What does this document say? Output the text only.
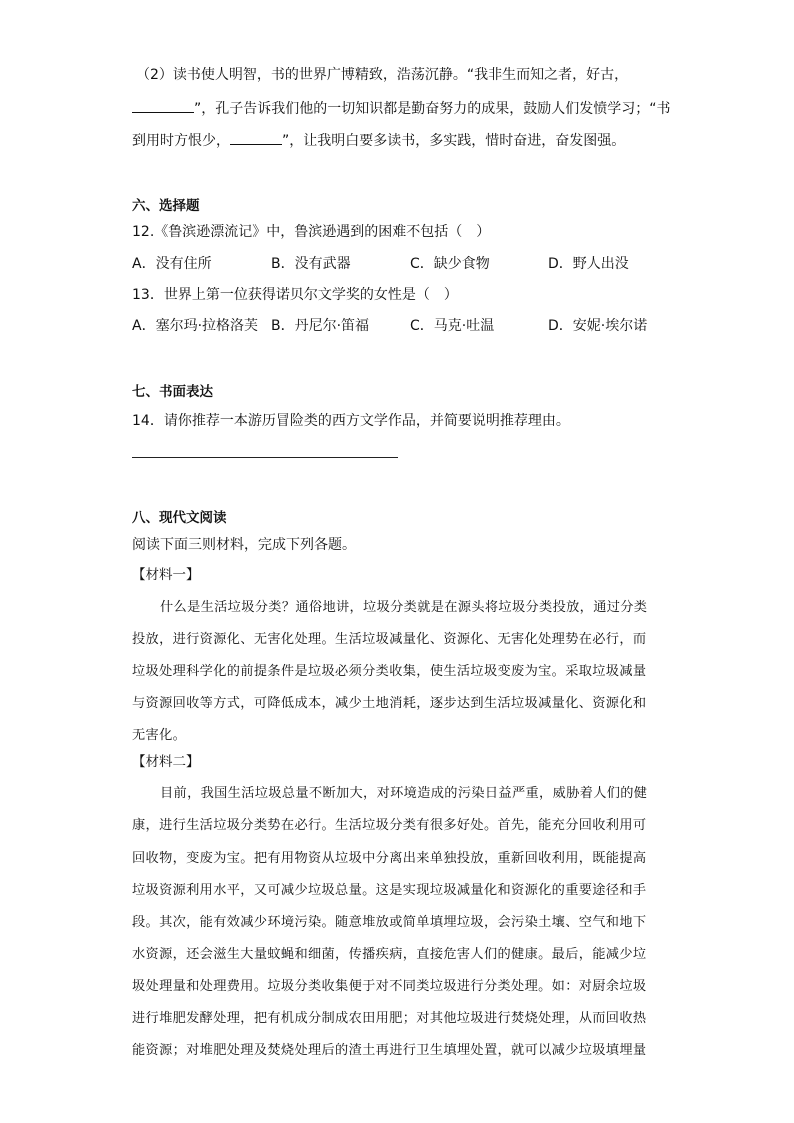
（2）读书使人明智，书的世界广博精致，浩荡沉静。“我非生而知之者，好古，
”，孔子告诉我们他的一切知识都是勤奋努力的成果，鼓励人们发愤学习；“书
到用时方恨少，	”，让我明白要多读书，多实践，惜时奋进，奋发图强。
六、选择题
12.《鲁滨逊漂流记》中，鲁滨逊遇到的困难不包括（　）
A．没有住所	B．没有武器	C．缺少食物	D．野人出没
13．世界上第一位获得诺贝尔文学奖的女性是（　）
A．塞尔玛·拉格洛芙 B．丹尼尔·笛福	C．马克·吐温	D．安妮·埃尔诺
七、书面表达
14．请你推荐一本游历冒险类的西方文学作品，并简要说明推荐理由。
八、现代文阅读
阅读下面三则材料，完成下列各题。
【材料一】
什么是生活垃圾分类？通俗地讲，垃圾分类就是在源头将垃圾分类投放，通过分类
投放，进行资源化、无害化处理。生活垃圾减量化、资源化、无害化处理势在必行，而
垃圾处理科学化的前提条件是垃圾必须分类收集，使生活垃圾变废为宝。采取垃圾减量
与资源回收等方式，可降低成本，减少土地消耗，逐步达到生活垃圾减量化、资源化和
无害化。
【材料二】
目前，我国生活垃圾总量不断加大，对环境造成的污染日益严重，威胁着人们的健
康，进行生活垃圾分类势在必行。生活垃圾分类有很多好处。首先，能充分回收利用可
回收物，变废为宝。把有用物资从垃圾中分离出来单独投放，重新回收利用，既能提高
垃圾资源利用水平，又可减少垃圾总量。这是实现垃圾减量化和资源化的重要途径和手
段。其次，能有效减少环境污染。随意堆放或简单填埋垃圾，会污染土壤、空气和地下
水资源，还会滋生大量蚊蝇和细菌，传播疾病，直接危害人们的健康。最后，能减少垃
圾处理量和处理费用。垃圾分类收集便于对不同类垃圾进行分类处理。如：对厨余垃圾
进行堆肥发酵处理，把有机成分制成农田用肥；对其他垃圾进行焚烧处理，从而回收热
能资源；对堆肥处理及焚烧处理后的渣土再进行卫生填埋处置，就可以减少垃圾填埋量
